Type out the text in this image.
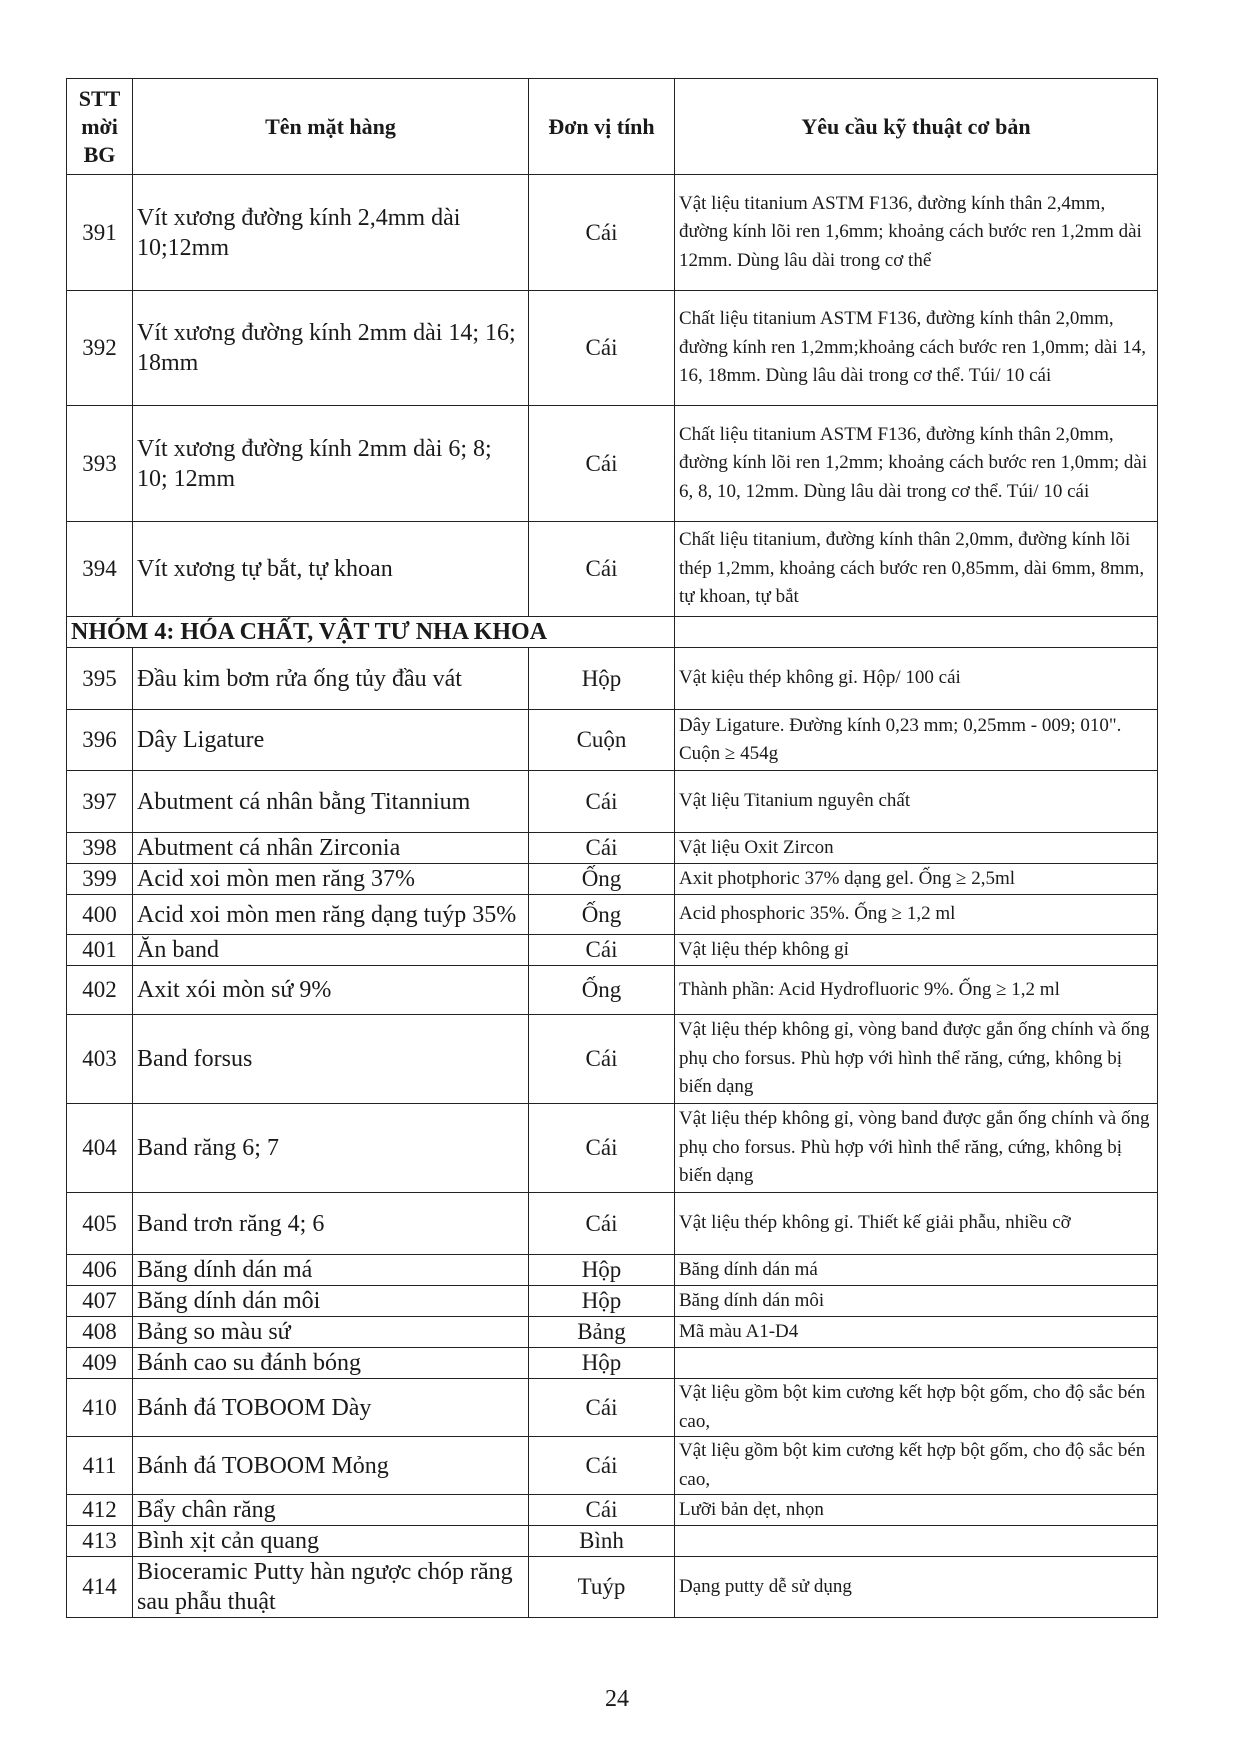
STT mời BG	Tên mặt hàng	Đơn vị tính	Yêu cầu kỹ thuật cơ bản
391	Vít xương đường kính 2,4mm dài 10;12mm	Cái	Vật liệu titanium ASTM F136, đường kính thân 2,4mm, đường kính lõi ren 1,6mm; khoảng cách bước ren 1,2mm dài 12mm. Dùng lâu dài trong cơ thể
392	Vít xương đường kính 2mm dài 14; 16; 18mm	Cái	Chất liệu titanium ASTM F136, đường kính thân 2,0mm, đường kính ren 1,2mm;khoảng cách bước ren 1,0mm; dài 14, 16, 18mm. Dùng lâu dài trong cơ thể. Túi/ 10 cái
393	Vít xương đường kính 2mm dài 6; 8; 10; 12mm	Cái	Chất liệu titanium ASTM F136, đường kính thân 2,0mm, đường kính lõi ren 1,2mm; khoảng cách bước ren 1,0mm; dài 6, 8, 10, 12mm. Dùng lâu dài trong cơ thể. Túi/ 10 cái
394	Vít xương tự bắt, tự khoan	Cái	Chất liệu titanium, đường kính thân 2,0mm, đường kính lõi thép 1,2mm, khoảng cách bước ren 0,85mm, dài 6mm, 8mm, tự khoan, tự bắt
NHÓM 4: HÓA CHẤT, VẬT TƯ NHA KHOA			
395	Đầu kim bơm rửa ống tủy đầu vát	Hộp	Vật kiệu thép không gỉ. Hộp/ 100 cái
396	Dây Ligature	Cuộn	Dây Ligature. Đường kính 0,23 mm; 0,25mm - 009; 010". Cuộn ≥ 454g
397	Abutment cá nhân bằng Titannium	Cái	Vật liệu Titanium nguyên chất
398	Abutment cá nhân Zirconia	Cái	Vật liệu Oxit Zircon
399	Acid xoi mòn men răng 37%	Ống	Axit photphoric 37% dạng gel. Ống ≥ 2,5ml
400	Acid xoi mòn men răng dạng tuýp 35%	Ống	Acid phosphoric 35%. Ống ≥ 1,2 ml
401	Ăn band	Cái	Vật liệu thép không gỉ
402	Axit xói mòn sứ 9%	Ống	Thành phần: Acid Hydrofluoric 9%. Ống ≥ 1,2 ml
403	Band forsus	Cái	Vật liệu thép không gỉ, vòng band được gắn ống chính và ống phụ cho forsus. Phù hợp với hình thể răng, cứng, không bị biến dạng
404	Band răng 6; 7	Cái	Vật liệu thép không gỉ, vòng band được gắn ống chính và ống phụ cho forsus. Phù hợp với hình thể răng, cứng, không bị biến dạng
405	Band trơn răng 4; 6	Cái	Vật liệu thép không gỉ. Thiết kế giải phẫu, nhiều cỡ
406	Băng dính dán má	Hộp	Băng dính dán má
407	Băng dính dán môi	Hộp	Băng dính dán môi
408	Bảng so màu sứ	Bảng	Mã màu A1-D4
409	Bánh cao su đánh bóng	Hộp	
410	Bánh đá TOBOOM Dày	Cái	Vật liệu gồm bột kim cương kết hợp bột gốm, cho độ sắc bén cao,
411	Bánh đá TOBOOM Mỏng	Cái	Vật liệu gồm bột kim cương kết hợp bột gốm, cho độ sắc bén cao,
412	Bẩy chân răng	Cái	Lưỡi bản dẹt, nhọn
413	Bình xịt cản quang	Bình	
414	Bioceramic Putty hàn ngược chóp răng sau phẫu thuật	Tuýp	Dạng putty dễ sử dụng
24
